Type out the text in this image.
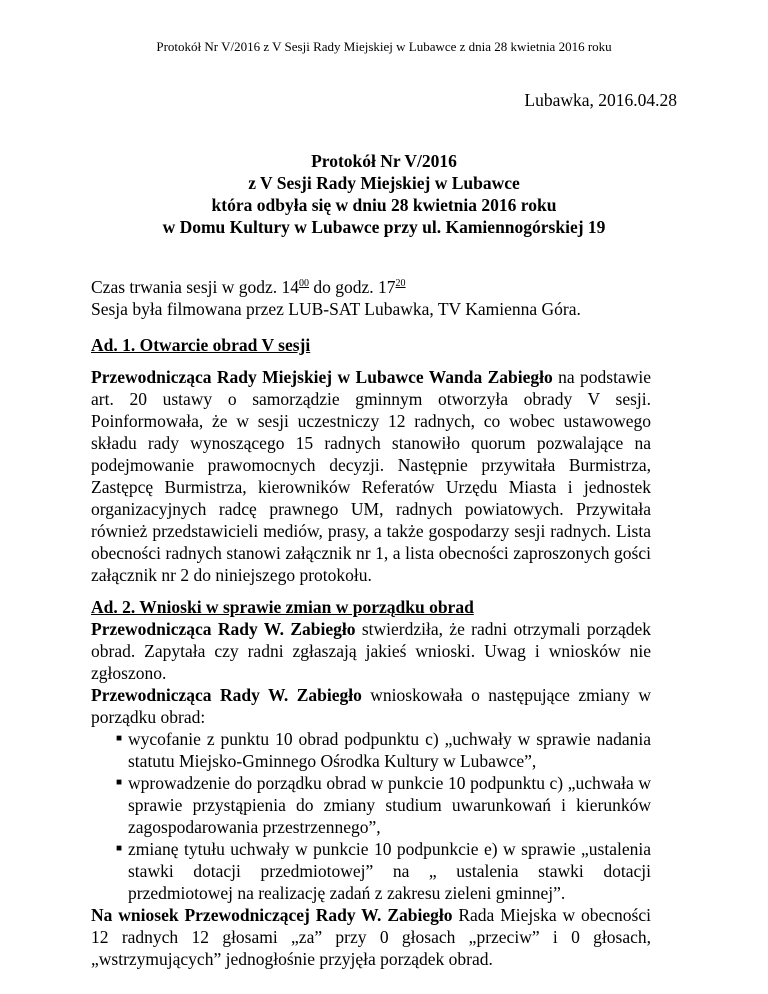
Protokół Nr V/2016 z V Sesji Rady Miejskiej w Lubawce z dnia 28 kwietnia 2016 roku
Lubawka, 2016.04.28
Protokół Nr V/2016
z V Sesji Rady Miejskiej w Lubawce
która odbyła się w dniu 28 kwietnia 2016 roku
w Domu Kultury w Lubawce przy ul. Kamiennogórskiej 19
Czas trwania sesji w godz. $14^{00}$ do godz. $17^{20}$
Sesja była filmowana przez LUB-SAT Lubawka, TV Kamienna Góra.
Ad. 1. Otwarcie obrad V sesji
Przewodnicząca Rady Miejskiej w Lubawce Wanda Zabiegło na podstawie art. 20 ustawy o samorządzie gminnym otworzyła obrady V sesji. Poinformowała, że w sesji uczestniczy 12 radnych, co wobec ustawowego składu rady wynoszącego 15 radnych stanowiło quorum pozwalające na podejmowanie prawomocnych decyzji. Następnie przywitała Burmistrza, Zastępcę Burmistrza, kierowników Referatów Urzędu Miasta i jednostek organizacyjnych radcę prawnego UM, radnych powiatowych. Przywitała również przedstawicieli mediów, prasy, a także gospodarzy sesji radnych. Lista obecności radnych stanowi załącznik nr 1, a lista obecności zaproszonych gości załącznik nr 2 do niniejszego protokołu.
Ad. 2. Wnioski w sprawie zmian w porządku obrad
Przewodnicząca Rady W. Zabiegło stwierdziła, że radni otrzymali porządek obrad. Zapytała czy radni zgłaszają jakieś wnioski. Uwag i wniosków nie zgłoszono.
Przewodnicząca Rady W. Zabiegło wnioskowała o następujące zmiany w porządku obrad:
■ wycofanie z punktu 10 obrad podpunktu c) „uchwały w sprawie nadania statutu Miejsko-Gminnego Ośrodka Kultury w Lubawce”,
■ wprowadzenie do porządku obrad w punkcie 10 podpunktu c) „uchwała w sprawie przystąpienia do zmiany studium uwarunkowań i kierunków zagospodarowania przestrzennego”,
■ zmianę tytułu uchwały w punkcie 10 podpunkcie e) w sprawie „ustalenia stawki dotacji przedmiotowej” na „ ustalenia stawki dotacji przedmiotowej na realizację zadań z zakresu zieleni gminnej”.
Na wniosek Przewodniczącej Rady W. Zabiegło Rada Miejska w obecności 12 radnych 12 głosami „za” przy 0 głosach „przeciw” i 0 głosach, „wstrzymujących” jednogłośnie przyjęła porządek obrad.
